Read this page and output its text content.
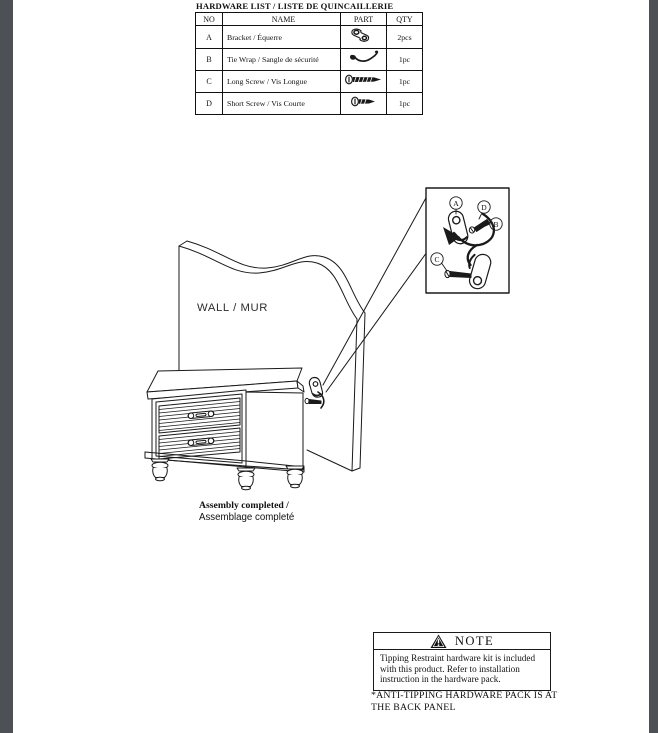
HARDWARE LIST / LISTE DE QUINCAILLERIE
NO	NAME	PART	QTY
A	Bracket / Équerre		2pcs
B	Tie Wrap / Sangle de sécurité		1pc
C	Long Screw / Vis Longue		1pc
D	Short Screw / Vis Courte		1pc
WALL / MUR
A	D
B
C
Assembly completed /
Assemblage completé
NOTE
Tipping Restraint hardware kit is included with this product. Refer to installation instruction in the hardware pack.
*ANTI-TIPPING HARDWARE PACK IS AT
THE BACK PANEL
